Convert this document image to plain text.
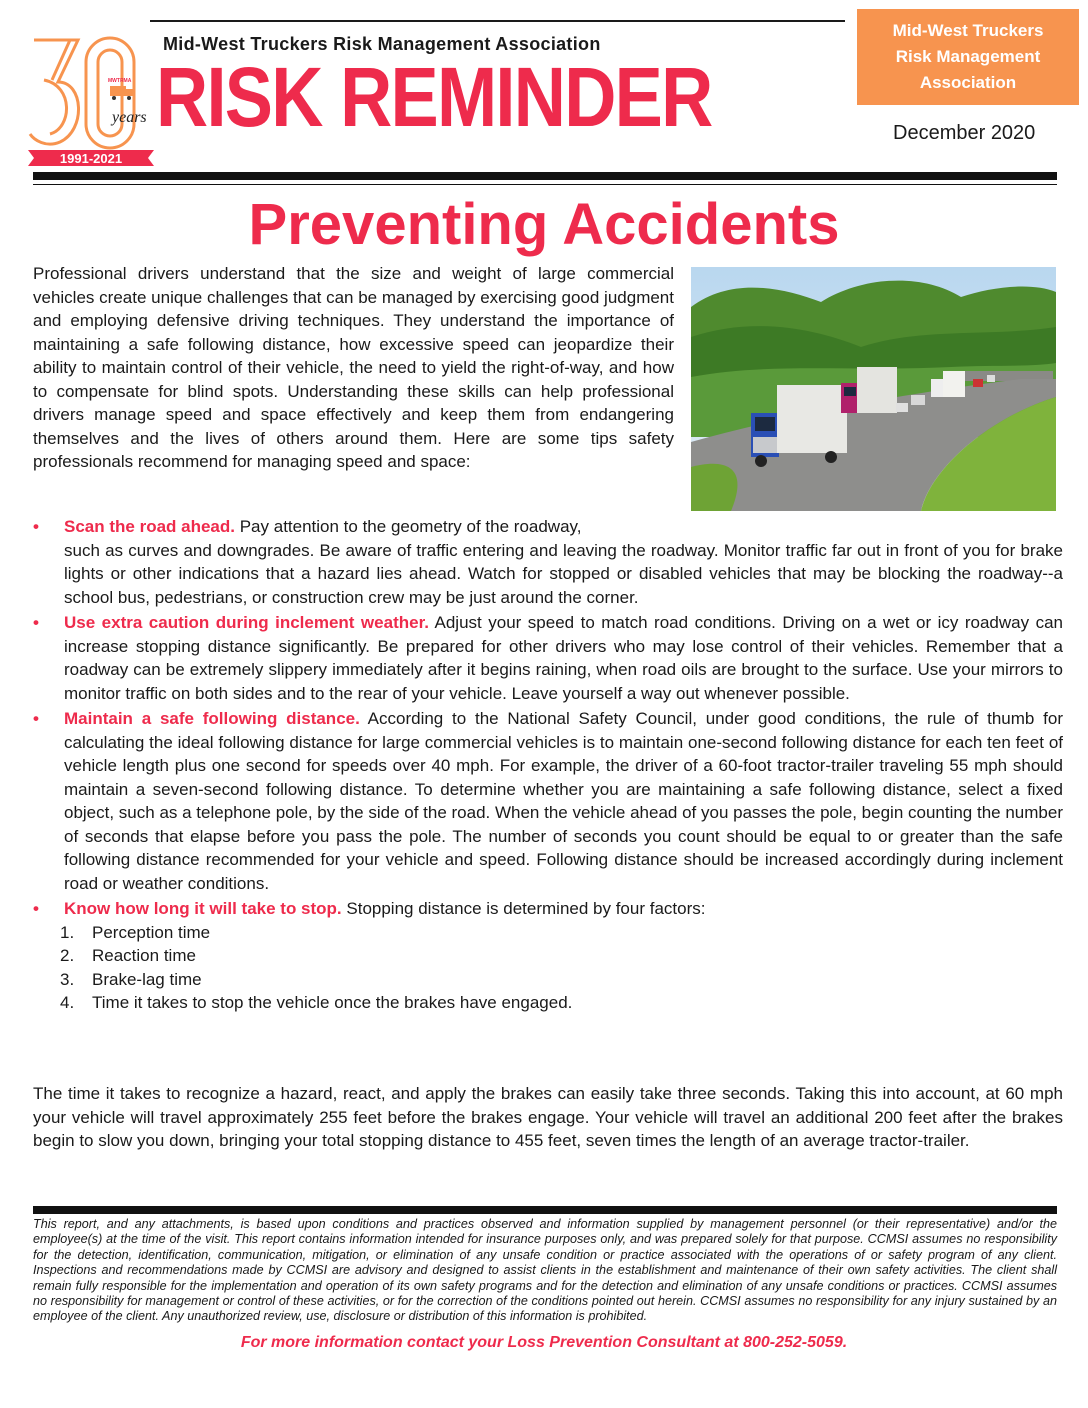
MWTRMA
years
1991-2021
Mid-West Truckers Risk Management Association
RISK REMINDER
Mid-West Truckers
Risk Management
Association
December 2020
Preventing Accidents
Professional drivers understand that the size and weight of large commercial vehicles create unique challenges that can be managed by exercising good judgment and employing defensive driving techniques. They understand the importance of maintaining a safe following distance, how excessive speed can jeopardize their ability to maintain control of their vehicle, the need to yield the right-of-way, and how to compensate for blind spots. Understanding these skills can help professional drivers manage speed and space effectively and keep them from endangering themselves and the lives of others around them. Here are some tips safety professionals recommend for managing speed and space:
• Scan the road ahead. Pay attention to the geometry of the roadway,
such as curves and downgrades. Be aware of traffic entering and leaving the roadway. Monitor traffic far out in front of you for brake lights or other indications that a hazard lies ahead. Watch for stopped or disabled vehicles that may be blocking the roadway--a school bus, pedestrians, or construction crew may be just around the corner.
• Use extra caution during inclement weather. Adjust your speed to match road conditions. Driving on a wet or icy roadway can increase stopping distance significantly. Be prepared for other drivers who may lose control of their vehicles. Remember that a roadway can be extremely slippery immediately after it begins raining, when road oils are brought to the surface. Use your mirrors to monitor traffic on both sides and to the rear of your vehicle. Leave yourself a way out whenever possible.
• Maintain a safe following distance. According to the National Safety Council, under good conditions, the rule of thumb for calculating the ideal following distance for large commercial vehicles is to maintain one-second following distance for each ten feet of vehicle length plus one second for speeds over 40 mph. For example, the driver of a 60-foot tractor-trailer traveling 55 mph should maintain a seven-second following distance. To determine whether you are maintaining a safe following distance, select a fixed object, such as a telephone pole, by the side of the road. When the vehicle ahead of you passes the pole, begin counting the number of seconds that elapse before you pass the pole. The number of seconds you count should be equal to or greater than the safe following distance recommended for your vehicle and speed. Following distance should be increased accordingly during inclement road or weather conditions.
• Know how long it will take to stop. Stopping distance is determined by four factors:
1. Perception time
2. Reaction time
3. Brake-lag time
4. Time it takes to stop the vehicle once the brakes have engaged.
The time it takes to recognize a hazard, react, and apply the brakes can easily take three seconds. Taking this into account, at 60 mph your vehicle will travel approximately 255 feet before the brakes engage. Your vehicle will travel an additional 200 feet after the brakes begin to slow you down, bringing your total stopping distance to 455 feet, seven times the length of an average tractor-trailer.
This report, and any attachments, is based upon conditions and practices observed and information supplied by management personnel (or their representative) and/or the employee(s) at the time of the visit. This report contains information intended for insurance purposes only, and was prepared solely for that purpose. CCMSI assumes no responsibility for the detection, identification, communication, mitigation, or elimination of any unsafe condition or practice associated with the operations of or safety program of any client. Inspections and recommendations made by CCMSI are advisory and designed to assist clients in the establishment and maintenance of their own safety activities. The client shall remain fully responsible for the implementation and operation of its own safety programs and for the detection and elimination of any unsafe conditions or practices. CCMSI assumes no responsibility for management or control of these activities, or for the correction of the conditions pointed out herein. CCMSI assumes no responsibility for any injury sustained by an employee of the client. Any unauthorized review, use, disclosure or distribution of this information is prohibited.
For more information contact your Loss Prevention Consultant at 800-252-5059.
